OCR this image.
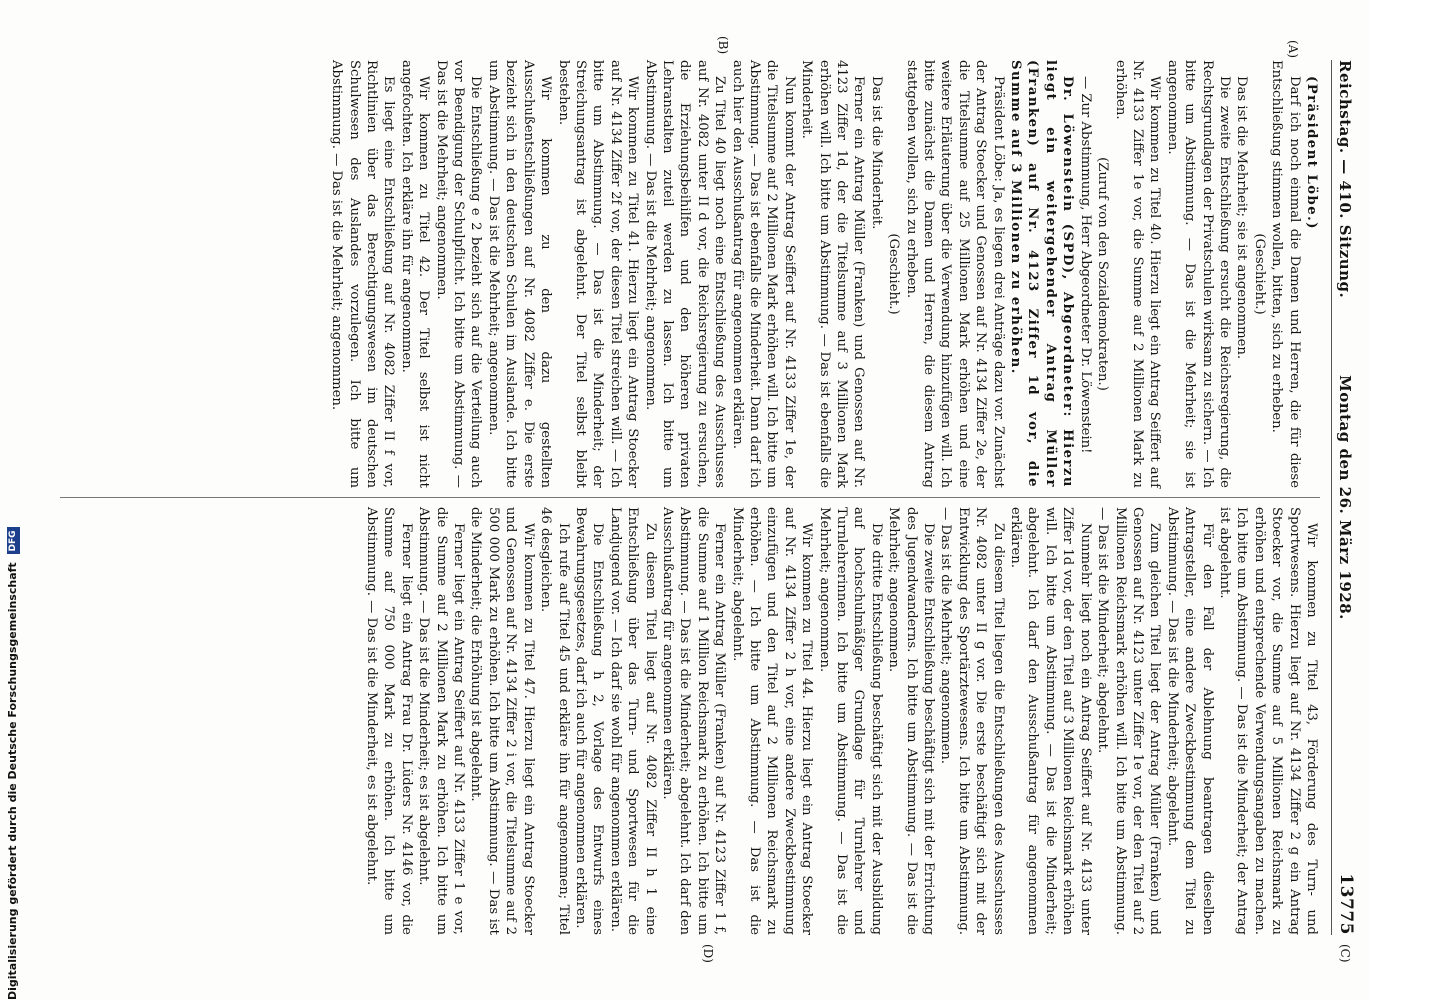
Reichstag. — 410. Sitzung.
Montag den 26. März 1928.
13775
(A)
(B)
(C)
(D)

(Präsident Löbe.)

Darf ich noch einmal die Damen und Herren, die für diese Entschließung stimmen wollen, bitten, sich zu erheben.

(Geschieht.)

Das ist die Mehrheit; sie ist angenommen.

Die zweite Entschließung ersucht die Reichsregierung, die Rechtsgrundlagen der Privatschulen wirksam zu sichern. — Ich bitte um Abstimmung. — Das ist die Mehrheit; sie ist angenommen.

Wir kommen zu Titel 40. Hierzu liegt ein Antrag Seiffert auf Nr. 4133 Ziffer 1e vor, die Summe auf 2 Millionen Mark zu erhöhen.

(Zuruf von den Sozialdemokraten.)

— Zur Abstimmung, Herr Abgeordneter Dr. Löwenstein!

Dr. Löwenstein (SPD), Abgeordneter: Hierzu liegt ein weitergehender Antrag Müller (Franken) auf Nr. 4123 Ziffer 1d vor, die Summe auf 3 Millionen zu erhöhen.

Präsident Löbe: Ja, es liegen drei Anträge dazu vor. Zunächst der Antrag Stoecker und Genossen auf Nr. 4134 Ziffer 2e, der die Titelsumme auf 25 Millionen Mark erhöhen und eine weitere Erläuterung über die Verwendung hinzufügen will. Ich bitte zunächst die Damen und Herren, die diesem Antrag stattgeben wollen, sich zu erheben.

(Geschieht.)

Das ist die Minderheit.

Ferner ein Antrag Müller (Franken) und Genossen auf Nr. 4123 Ziffer 1d, der die Titelsumme auf 3 Millionen Mark erhöhen will. Ich bitte um Abstimmung. — Das ist ebenfalls die Minderheit.

Nun kommt der Antrag Seiffert auf Nr. 4133 Ziffer 1e, der die Titelsumme auf 2 Millionen Mark erhöhen will. Ich bitte um Abstimmung. — Das ist ebenfalls die Minderheit. Dann darf ich auch hier den Ausschußantrag für angenommen erklären.

Zu Titel 40 liegt noch eine Entschließung des Ausschusses auf Nr. 4082 unter II d vor, die Reichsregierung zu ersuchen, die Erziehungsbeihilfen und den höheren privaten Lehranstalten zuteil werden zu lassen. Ich bitte um Abstimmung. — Das ist die Mehrheit; angenommen.

Wir kommen zu Titel 41. Hierzu liegt ein Antrag Stoecker auf Nr. 4134 Ziffer 2f vor, der diesen Titel streichen will. — Ich bitte um Abstimmung. — Das ist die Minderheit; der Streichungsantrag ist abgelehnt. Der Titel selbst bleibt bestehen.

Wir kommen zu den dazu gestellten Ausschußentschließungen auf Nr. 4082 Ziffer e. Die erste bezieht sich in den deutschen Schulen im Auslande. Ich bitte um Abstimmung. — Das ist die Mehrheit; angenommen.

Die Entschließung e 2 bezieht sich auf die Verteilung auch vor Beendigung der Schulpflicht. Ich bitte um Abstimmung. — Das ist die Mehrheit; angenommen.

Wir kommen zu Titel 42. Der Titel selbst ist nicht angefochten. Ich erkläre ihn für angenommen.

Es liegt eine Entschließung auf Nr. 4082 Ziffer II f vor, Richtlinien über das Berechtigungswesen im deutschen Schulwesen des Auslandes vorzulegen. Ich bitte um Abstimmung. — Das ist die Mehrheit; angenommen.

Wir kommen zu Titel 43, Förderung des Turn- und Sportwesens. Hierzu liegt auf Nr. 4134 Ziffer 2 g ein Antrag Stoecker vor, die Summe auf 5 Millionen Reichsmark zu erhöhen und entsprechende Verwendungsangaben zu machen. Ich bitte um Abstimmung. — Das ist die Minderheit; der Antrag ist abgelehnt.

Für den Fall der Ablehnung beantragen dieselben Antragsteller, eine andere Zweckbestimmung dem Titel zu Abstimmung. — Das ist die Minderheit; abgelehnt.

Zum gleichen Titel liegt der Antrag Müller (Franken) und Genossen auf Nr. 4123 unter Ziffer 1e vor, der den Titel auf 2 Millionen Reichsmark erhöhen will. Ich bitte um Abstimmung. — Das ist die Minderheit; abgelehnt.

Nunmehr liegt noch ein Antrag Seiffert auf Nr. 4133 unter Ziffer 1d vor, der den Titel auf 3 Millionen Reichsmark erhöhen will. Ich bitte um Abstimmung. — Das ist die Minderheit; abgelehnt. Ich darf den Ausschußantrag für angenommen erklären.

Zu diesem Titel liegen die Entschließungen des Ausschusses Nr. 4082 unter II g vor. Die erste beschäftigt sich mit der Entwicklung des Sportärztewesens. Ich bitte um Abstimmung. — Das ist die Mehrheit; angenommen.

Die zweite Entschließung beschäftigt sich mit der Errichtung des Jugendwanderns. Ich bitte um Abstimmung. — Das ist die Mehrheit; angenommen.

Die dritte Entschließung beschäftigt sich mit der Ausbildung auf hochschulmäßiger Grundlage für Turnlehrer und Turnlehrerinnen. Ich bitte um Abstimmung. — Das ist die Mehrheit; angenommen.

Wir kommen zu Titel 44. Hierzu liegt ein Antrag Stoecker auf Nr. 4134 Ziffer 2 h vor, eine andere Zweckbestimmung einzufügen und den Titel auf 2 Millionen Reichsmark zu erhöhen. — Ich bitte um Abstimmung. — Das ist die Minderheit; abgelehnt.

Ferner ein Antrag Müller (Franken) auf Nr. 4123 Ziffer 1 f, die Summe auf 1 Million Reichsmark zu erhöhen. Ich bitte um Abstimmung. — Das ist die Minderheit; abgelehnt. Ich darf den Ausschußantrag für angenommen erklären.

Zu diesem Titel liegt auf Nr. 4082 Ziffer II h 1 eine Entschließung über das Turn- und Sportwesen für die Landjugend vor. — Ich darf sie wohl für angenommen erklären.

Die Entschließung h 2, Vorlage des Entwurfs eines Bewahrungsgesetzes, darf ich auch für angenommen erklären.

Ich rufe auf Titel 45 und erkläre ihn für angenommen; Titel 46 desgleichen.

Wir kommen zu Titel 47. Hierzu liegt ein Antrag Stoecker und Genossen auf Nr. 4134 Ziffer 2 i vor, die Titelsumme auf 2 500 000 Mark zu erhöhen. Ich bitte um Abstimmung. — Das ist die Minderheit; die Erhöhung ist abgelehnt.

Ferner liegt ein Antrag Seiffert auf Nr. 4133 Ziffer 1 e vor, die Summe auf 2 Millionen Mark zu erhöhen. Ich bitte um Abstimmung. — Das ist die Minderheit; es ist abgelehnt.

Ferner liegt ein Antrag Frau Dr. Lüders Nr. 4146 vor, die Summe auf 750 000 Mark zu erhöhen. Ich bitte um Abstimmung. — Das ist die Minderheit, es ist abgelehnt.

Digitalisierung gefördert durch die Deutsche Forschungsgemeinschaft DFG
